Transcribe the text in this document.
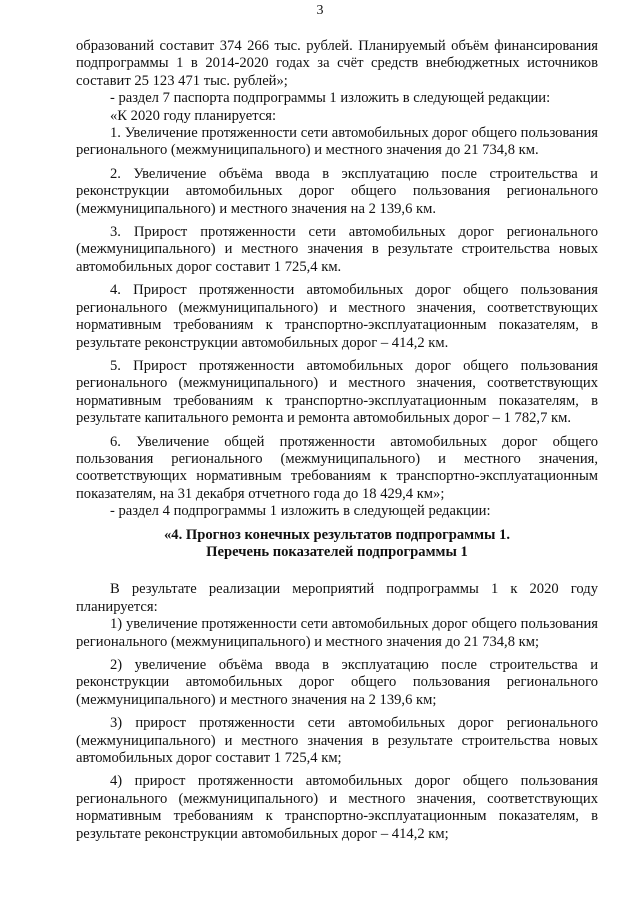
3

образований составит 374 266 тыс. рублей. Планируемый объём финансирования подпрограммы 1 в 2014-2020 годах за счёт средств внебюджетных источников составит 25 123 471 тыс. рублей»;

- раздел 7 паспорта подпрограммы 1 изложить в следующей редакции:

«К 2020 году планируется:

1. Увеличение протяженности сети автомобильных дорог общего пользования регионального (межмуниципального) и местного значения до 21 734,8 км.

2. Увеличение объёма ввода в эксплуатацию после строительства и реконструкции автомобильных дорог общего пользования регионального (межмуниципального) и местного значения на 2 139,6 км.

3. Прирост протяженности сети автомобильных дорог регионального (межмуниципального) и местного значения в результате строительства новых автомобильных дорог составит 1 725,4 км.

4. Прирост протяженности автомобильных дорог общего пользования регионального (межмуниципального) и местного значения, соответствующих нормативным требованиям к транспортно-эксплуатационным показателям, в результате реконструкции автомобильных дорог – 414,2 км.

5. Прирост протяженности автомобильных дорог общего пользования регионального (межмуниципального) и местного значения, соответствующих нормативным требованиям к транспортно-эксплуатационным показателям, в результате капитального ремонта и ремонта автомобильных дорог – 1 782,7 км.

6. Увеличение общей протяженности автомобильных дорог общего пользования регионального (межмуниципального) и местного значения, соответствующих нормативным требованиям к транспортно-эксплуатационным показателям, на 31 декабря отчетного года до 18 429,4 км»;

- раздел 4 подпрограммы 1 изложить в следующей редакции:

«4. Прогноз конечных результатов подпрограммы 1.

Перечень показателей подпрограммы 1

В результате реализации мероприятий подпрограммы 1 к 2020 году планируется:

1) увеличение протяженности сети автомобильных дорог общего пользования регионального (межмуниципального) и местного значения до 21 734,8 км;

2) увеличение объёма ввода в эксплуатацию после строительства и реконструкции автомобильных дорог общего пользования регионального (межмуниципального) и местного значения на 2 139,6 км;

3) прирост протяженности сети автомобильных дорог регионального (межмуниципального) и местного значения в результате строительства новых автомобильных дорог составит 1 725,4 км;

4) прирост протяженности автомобильных дорог общего пользования регионального (межмуниципального) и местного значения, соответствующих нормативным требованиям к транспортно-эксплуатационным показателям, в результате реконструкции автомобильных дорог – 414,2 км;
